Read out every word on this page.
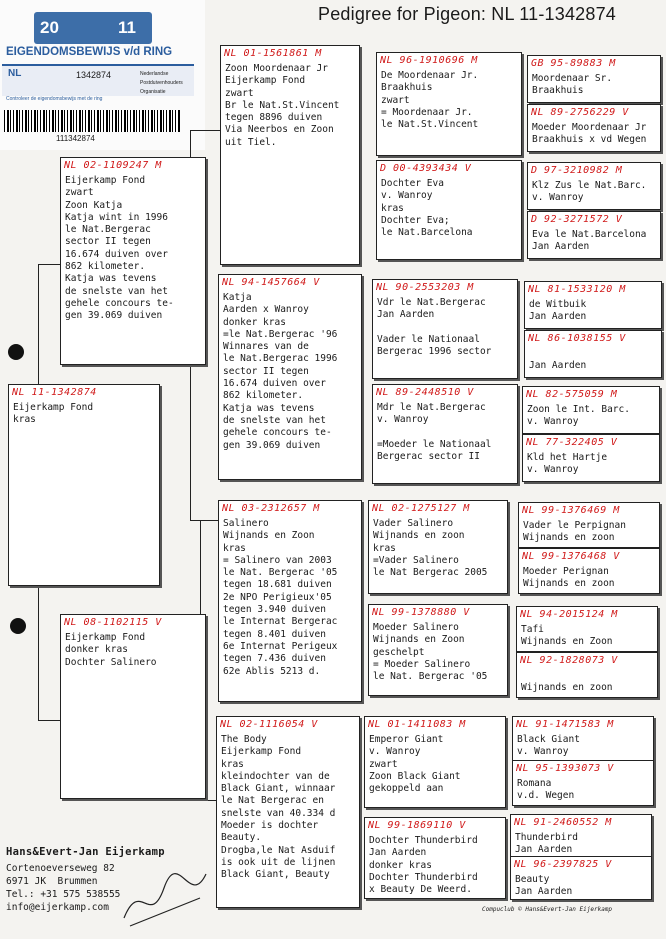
Pedigree for Pigeon: NL 11-1342874
20	11
EIGENDOMSBEWIJS v/d RING
NL	1342874	Nederlandse
Postduivenhouders
Organisatie
Controleer de eigendomsbewijs met de ring
111342874
NL 11-1342874
Eijerkamp Fond
kras
NL 02-1109247 M
Eijerkamp Fond
zwart
Zoon Katja
Katja wint in 1996
le Nat.Bergerac
sector II tegen
16.674 duiven over
862 kilometer.
Katja was tevens
de snelste van het
gehele concours te-
gen 39.069 duiven
NL 08-1102115 V
Eijerkamp Fond
donker kras
Dochter Salinero
NL 01-1561861 M
Zoon Moordenaar Jr
Eijerkamp Fond
zwart
Br le Nat.St.Vincent
tegen 8896 duiven
Via Neerbos en Zoon
uit Tiel.
NL 94-1457664 V
Katja
Aarden x Wanroy
donker kras
=le Nat.Bergerac '96
Winnares van de
le Nat.Bergerac 1996
sector II tegen
16.674 duiven over
862 kilometer.
Katja was tevens
de snelste van het
gehele concours te-
gen 39.069 duiven
NL 03-2312657 M
Salinero
Wijnands en Zoon
kras
= Salinero van 2003
le Nat. Bergerac '05
tegen 18.681 duiven
2e NPO Perigieux'05
tegen 3.940 duiven
le Internat Bergerac
tegen 8.401 duiven
6e Internat Perigeux
tegen 7.436 duiven
62e Ablis 5213 d.
NL 02-1116054 V
The Body
Eijerkamp Fond
kras
kleindochter van de
Black Giant, winnaar
le Nat Bergerac en
snelste van 40.334 d
Moeder is dochter
Beauty.
Drogba,le Nat Asduif
is ook uit de lijnen
Black Giant, Beauty
NL 96-1910696 M
De Moordenaar Jr.
Braakhuis
zwart
= Moordenaar Jr.
le Nat.St.Vincent
D 00-4393434 V
Dochter Eva
v. Wanroy
kras
Dochter Eva;
le Nat.Barcelona
NL 90-2553203 M
Vdr le Nat.Bergerac
Jan Aarden

Vader le Nationaal
Bergerac 1996 sector
NL 89-2448510 V
Mdr le Nat.Bergerac
v. Wanroy

=Moeder le Nationaal
Bergerac sector II
NL 02-1275127 M
Vader Salinero
Wijnands en zoon
kras
=Vader Salinero
le Nat Bergerac 2005
NL 99-1378880 V
Moeder Salinero
Wijnands en Zoon
geschelpt
= Moeder Salinero
le Nat. Bergerac '05
NL 01-1411083 M
Emperor Giant
v. Wanroy
zwart
Zoon Black Giant
gekoppeld aan
NL 99-1869110 V
Dochter Thunderbird
Jan Aarden
donker kras
Dochter Thunderbird
x Beauty De Weerd.
GB 95-89883 M
Moordenaar Sr.
Braakhuis
NL 89-2756229 V
Moeder Moordenaar Jr
Braakhuis x vd Wegen
D 97-3210982 M
Klz Zus le Nat.Barc.
v. Wanroy
D 92-3271572 V
Eva le Nat.Barcelona
Jan Aarden
NL 81-1533120 M
de Witbuik
Jan Aarden
NL 86-1038155 V

Jan Aarden
NL 82-575059 M
Zoon le Int. Barc.
v. Wanroy
NL 77-322405 V
Kld het Hartje
v. Wanroy
NL 99-1376469 M
Vader le Perpignan
Wijnands en zoon
NL 99-1376468 V
Moeder Perignan
Wijnands en zoon
NL 94-2015124 M
Tafi
Wijnands en Zoon
NL 92-1828073 V

Wijnands en zoon
NL 91-1471583 M
Black Giant
v. Wanroy
NL 95-1393073 V
Romana
v.d. Wegen
NL 91-2460552 M
Thunderbird
Jan Aarden
NL 96-2397825 V
Beauty
Jan Aarden
Hans&Evert-Jan Eijerkamp
Cortenoeverseweg 82
6971 JK  Brummen
Tel.: +31 575 538555
info@eijerkamp.com	Compuclub © Hans&Evert-Jan Eijerkamp
